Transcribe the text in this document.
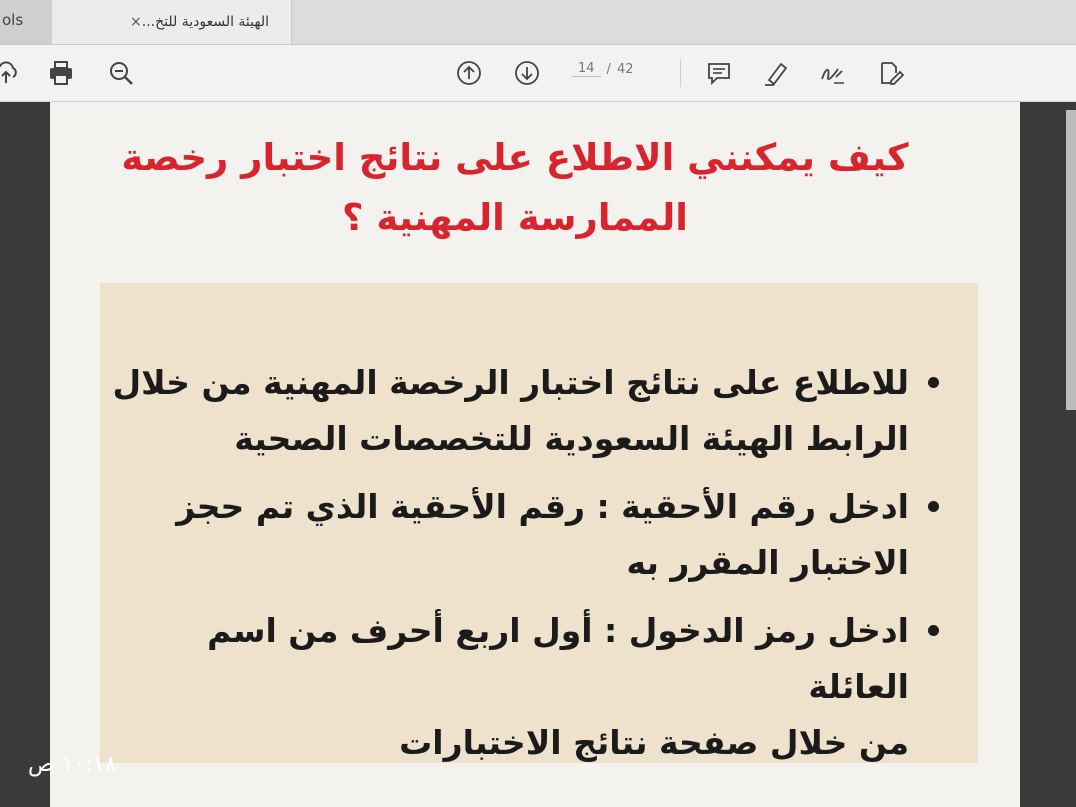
ols	الهيئة السعودية للتخ...
×
14 / 42
كيف يمكنني الاطلاع على نتائج اختبار رخصة
الممارسة المهنية ؟
للاطلاع على نتائج اختبار الرخصة المهنية من خلال
الرابط الهيئة السعودية للتخصصات الصحية
ادخل رقم الأحقية : رقم الأحقية الذي تم حجز
الاختبار المقرر به
ادخل رمز الدخول : أول اربع أحرف من اسم العائلة
من خلال صفحة نتائج الاختبارات
١٠:١٨ ص
